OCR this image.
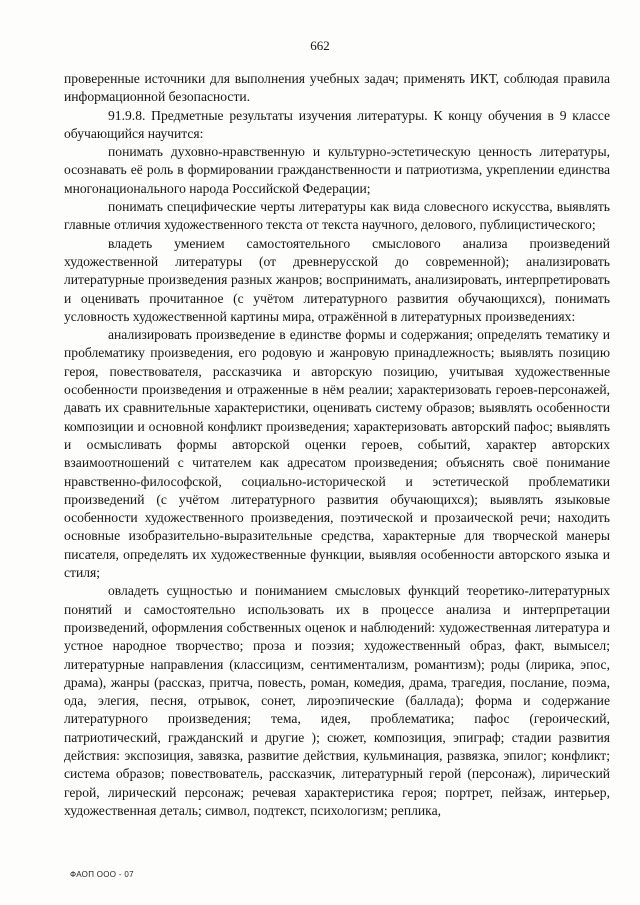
662

проверенные источники для выполнения учебных задач; применять ИКТ, соблюдая правила информационной безопасности.

91.9.8. Предметные результаты изучения литературы. К концу обучения в 9 классе обучающийся научится:

понимать духовно-нравственную и культурно-эстетическую ценность литературы, осознавать её роль в формировании гражданственности и патриотизма, укреплении единства многонационального народа Российской Федерации;

понимать специфические черты литературы как вида словесного искусства, выявлять главные отличия художественного текста от текста научного, делового, публицистического;

владеть умением самостоятельного смыслового анализа произведений художественной литературы (от древнерусской до современной); анализировать литературные произведения разных жанров; воспринимать, анализировать, интерпретировать и оценивать прочитанное (с учётом литературного развития обучающихся), понимать условность художественной картины мира, отражённой в литературных произведениях:

анализировать произведение в единстве формы и содержания; определять тематику и проблематику произведения, его родовую и жанровую принадлежность; выявлять позицию героя, повествователя, рассказчика и авторскую позицию, учитывая художественные особенности произведения и отраженные в нём реалии; характеризовать героев-персонажей, давать их сравнительные характеристики, оценивать систему образов; выявлять особенности композиции и основной конфликт произведения; характеризовать авторский пафос; выявлять и осмысливать формы авторской оценки героев, событий, характер авторских взаимоотношений с читателем как адресатом произведения; объяснять своё понимание нравственно-философской, социально-исторической и эстетической проблематики произведений (с учётом литературного развития обучающихся); выявлять языковые особенности художественного произведения, поэтической и прозаической речи; находить основные изобразительно-выразительные средства, характерные для творческой манеры писателя, определять их художественные функции, выявляя особенности авторского языка и стиля;

овладеть сущностью и пониманием смысловых функций теоретико-литературных понятий и самостоятельно использовать их в процессе анализа и интерпретации произведений, оформления собственных оценок и наблюдений: художественная литература и устное народное творчество; проза и поэзия; художественный образ, факт, вымысел; литературные направления (классицизм, сентиментализм, романтизм); роды (лирика, эпос, драма), жанры (рассказ, притча, повесть, роман, комедия, драма, трагедия, послание, поэма, ода, элегия, песня, отрывок, сонет, лироэпические (баллада); форма и содержание литературного произведения; тема, идея, проблематика; пафос (героический, патриотический, гражданский и другие ); сюжет, композиция, эпиграф; стадии развития действия: экспозиция, завязка, развитие действия, кульминация, развязка, эпилог; конфликт; система образов; повествователь, рассказчик, литературный герой (персонаж), лирический герой, лирический персонаж; речевая характеристика героя; портрет, пейзаж, интерьер, художественная деталь; символ, подтекст, психологизм; реплика,

ФАОП ООО - 07
